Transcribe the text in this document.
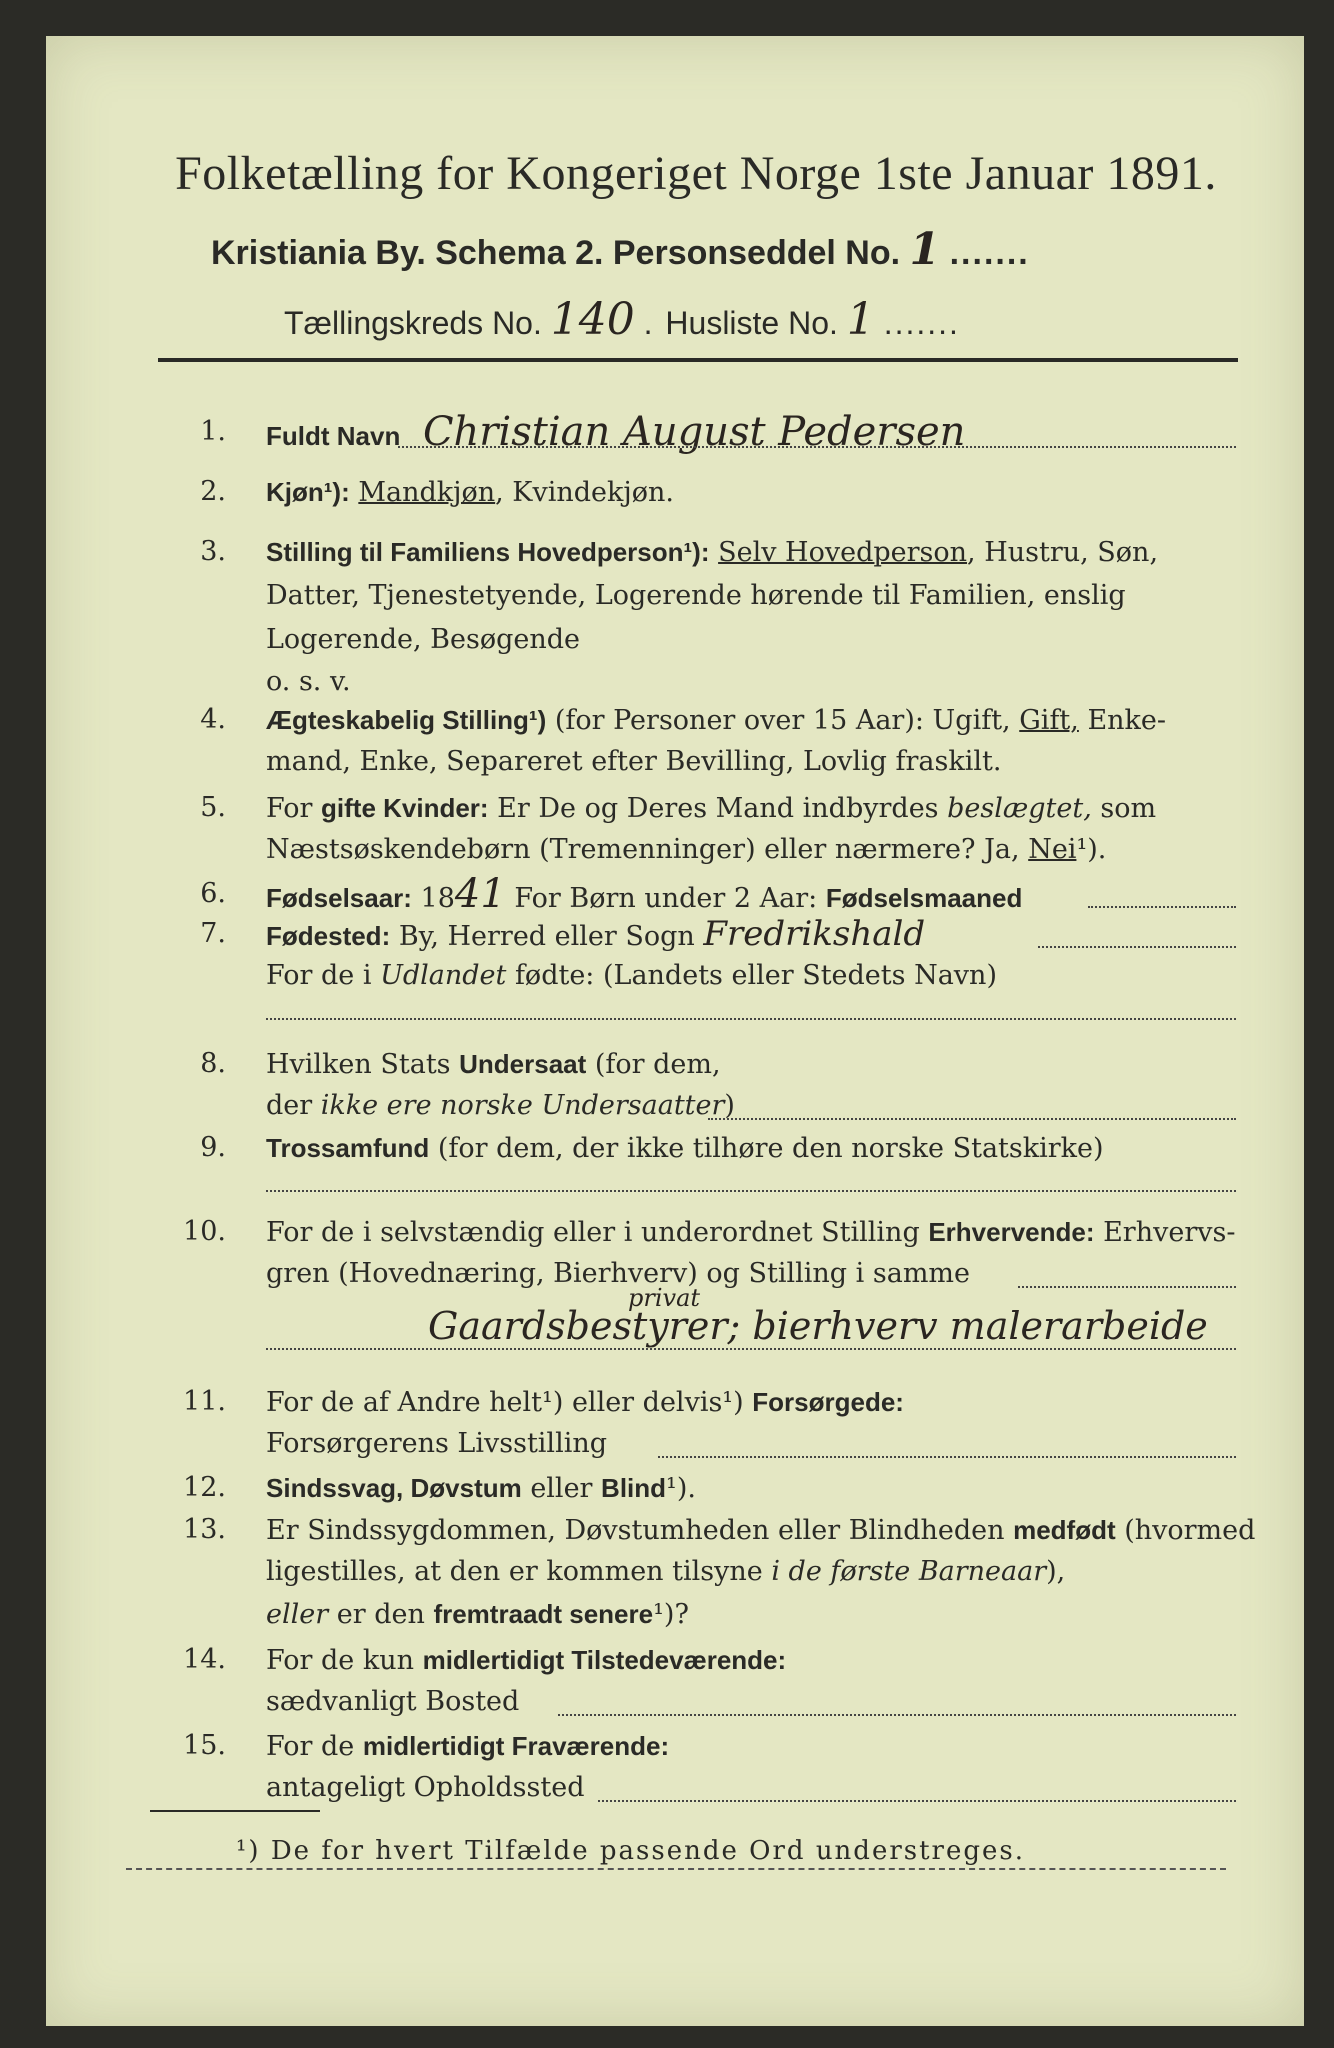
Folketælling for Kongeriget Norge 1ste Januar 1891.
Kristiania By. Schema 2. Personseddel No. 1 .......
Tællingskreds No. 140 . Husliste No. 1 .......
1. Fuldt Navn Christian August Pedersen
2. Kjøn¹): Mandkjøn, Kvindekjøn.
3. Stilling til Familiens Hovedperson¹): Selv Hovedperson, Hustru, Søn,
Datter, Tjenestetyende, Logerende hørende til Familien, enslig
Logerende, Besøgende
o. s. v.
4. Ægteskabelig Stilling¹) (for Personer over 15 Aar): Ugift, Gift, Enke-
mand, Enke, Separeret efter Bevilling, Lovlig fraskilt.
5. For gifte Kvinder: Er De og Deres Mand indbyrdes beslægtet, som
Næstsøskendebørn (Tremenninger) eller nærmere? Ja, Nei¹).
6. Fødselsaar: 1841 For Børn under 2 Aar: Fødselsmaaned
7. Fødested: By, Herred eller Sogn Fredrikshald
For de i Udlandet fødte: (Landets eller Stedets Navn)
8. Hvilken Stats Undersaat (for dem,
der ikke ere norske Undersaatter)
9. Trossamfund (for dem, der ikke tilhøre den norske Statskirke)
10. For de i selvstændig eller i underordnet Stilling Erhvervende: Erhvervs-
gren (Hovednæring, Bierhverv) og Stilling i samme
privat
Gaardsbestyrer; bierhverv malerarbeide
11. For de af Andre helt¹) eller delvis¹) Forsørgede:
Forsørgerens Livsstilling
12. Sindssvag, Døvstum eller Blind¹).
13. Er Sindssygdommen, Døvstumheden eller Blindheden medfødt (hvormed
ligestilles, at den er kommen tilsyne i de første Barneaar),
eller er den fremtraadt senere¹)?
14. For de kun midlertidigt Tilstedeværende:
sædvanligt Bosted
15. For de midlertidigt Fraværende:
antageligt Opholdssted
¹) De for hvert Tilfælde passende Ord understreges.
